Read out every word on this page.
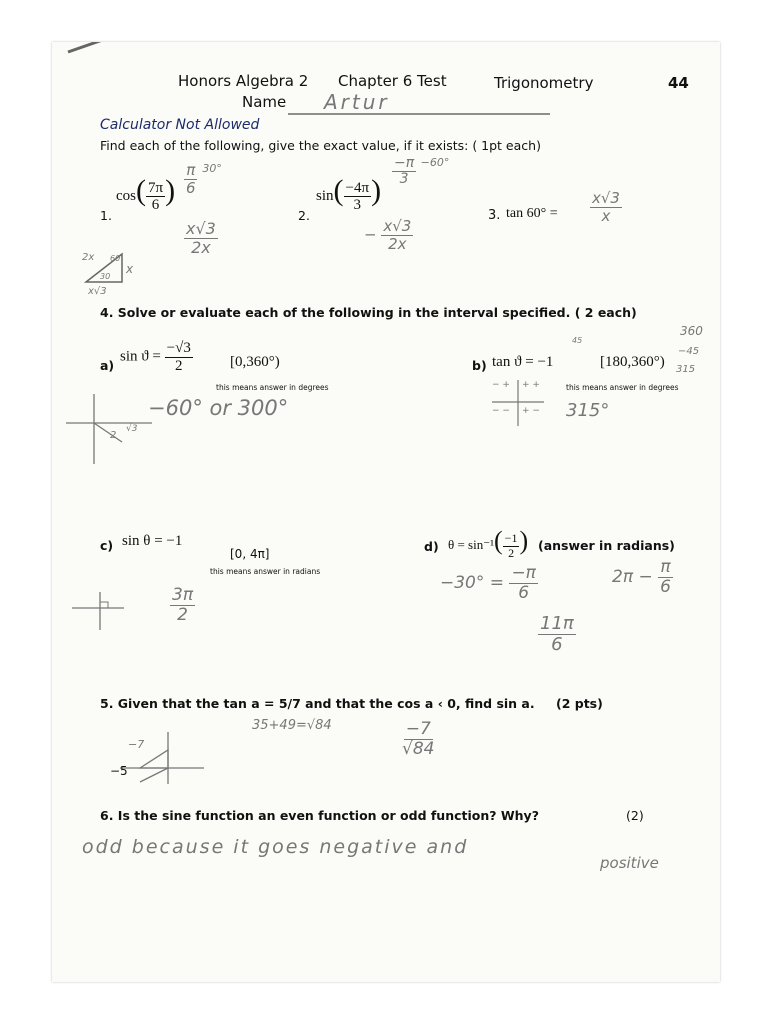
Honors Algebra 2 Chapter 6 Test	Trigonometry	44
Name Artur
Calculator Not Allowed
Find each of the following, give the exact value, if it exists: ( 1pt each)
1.
$\cos( \frac{7\pi}{6}$ ) $\frac{\pi}{6} ^{30^\circ}$
$\frac{x√3}{2x}$
2.
$\sin( \frac{-4\pi}{3}$ )
$\frac{-\pi}{3} ^{-60^\circ}$
− $\frac{x√3}{2x}$
3. $\tan 60^\circ = \frac{x√3}{x}$
2x 60
30
x
x√3
4. Solve or evaluate each of the following in the interval specified. ( 2 each)
a)
$\sin ϑ = \frac{-√3}{2} [0,360^\circ)$
this means answer in degrees
−60° or 300°
2
√3
b) tan ϑ = −1	[180,360°)
this means answer in degrees
315°
360
−45
315
45
− + + +
− − + −
c) sin θ = −1
[0, 4π]
this means answer in radians
$\frac{3\pi}{2}$
d) $\theta = \sin^{-1}( \frac{-1}{2}$ ) (answer in radians)
$-30^\circ = \frac{-\pi}{6}$	$2\pi - \frac{\pi}{6}$
$\frac{11\pi}{6}$
5. Given that the tan a = 5/7 and that the cos a ‹ 0, find sin a. (2 pts)
35+49=√84	$\frac{-7}{√84}$
−7
−5
6. Is the sine function an even function or odd function? Why?	(2)
odd because it goes negative and
positive
